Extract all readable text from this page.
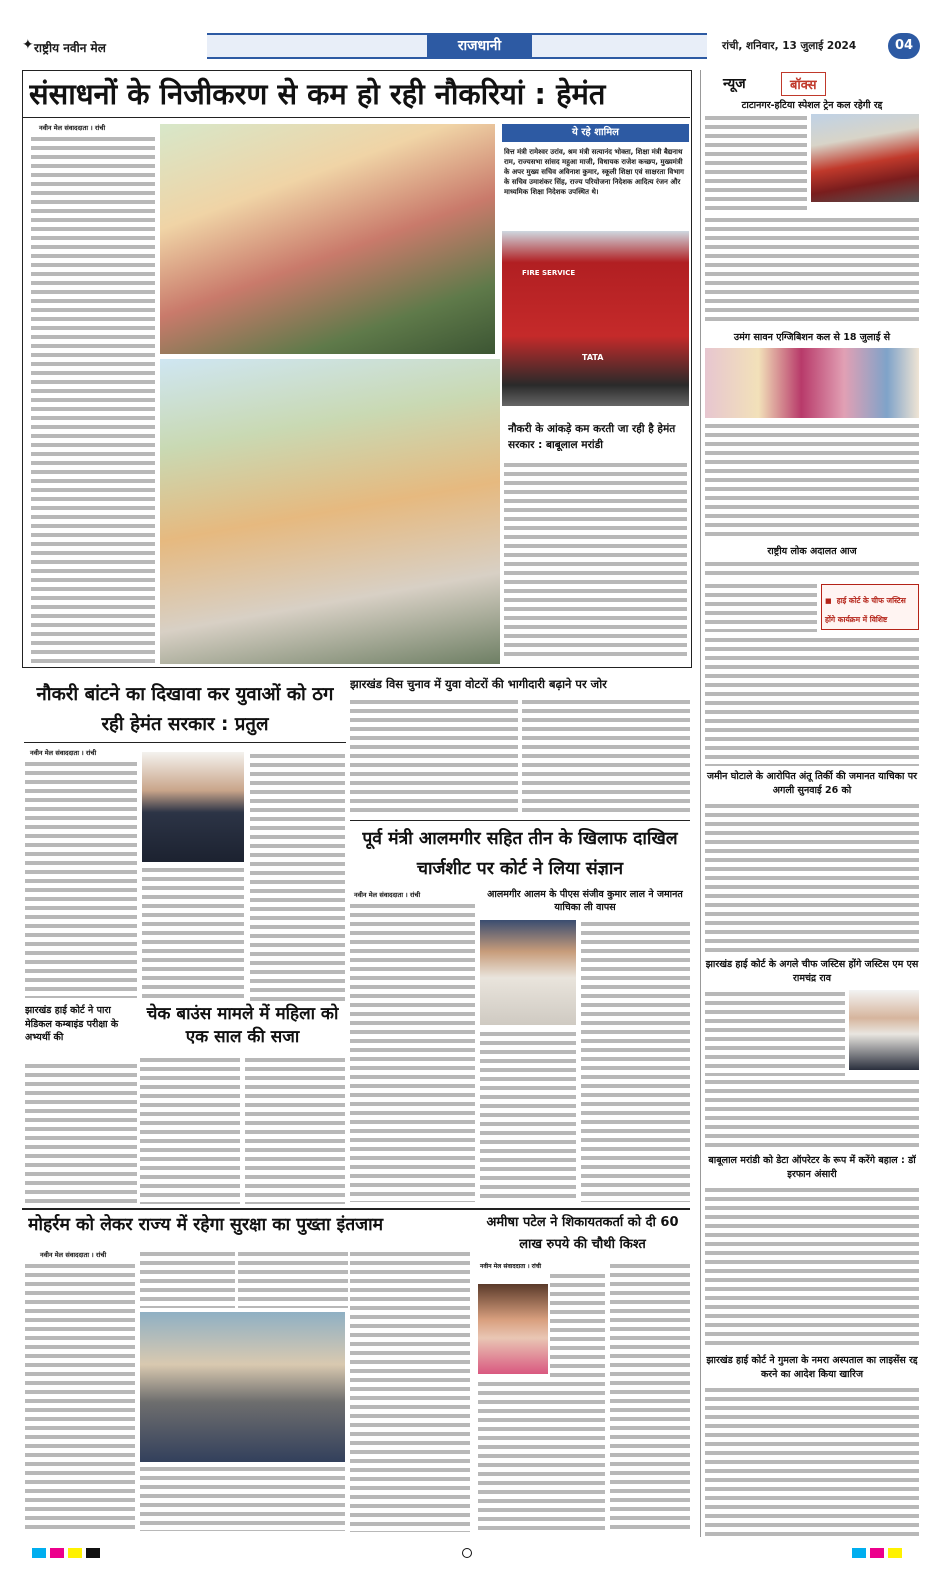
✦ राष्ट्रीय नवीन मेल	राजधानी	रांची, शनिवार, 13 जुलाई 2024	04
संसाधनों के निजीकरण से कम हो रही नौकरियां : हेमंत
नवीन मेल संवाददाता । रांची	ये रहे शामिल
वित्त मंत्री रामेश्वर उरांव, श्रम मंत्री सत्यानंद भोक्ता, शिक्षा मंत्री बैद्यनाथ राम, राज्यसभा सांसद महुआ माजी, विधायक राजेश कच्छप, मुख्यमंत्री के अपर मुख्य सचिव अविनाश कुमार, स्कूली शिक्षा एवं साक्षरता विभाग के सचिव उमाशंकर सिंह, राज्य परियोजना निदेशक आदित्य रंजन और माध्यमिक शिक्षा निदेशक उपस्थित थे।
FIRE SERVICE
TATA
नौकरी के आंकड़े कम करती जा रही है हेमंत सरकार : बाबूलाल मरांडी
नौकरी बांटने का दिखावा कर युवाओं को ठग रही हेमंत सरकार : प्रतुल
नवीन मेल संवाददाता । रांची
झारखंड हाई कोर्ट ने पारा मेडिकल कम्बाइंड परीक्षा के अभ्यर्थी की
झारखंड विस चुनाव में युवा वोटरों की भागीदारी बढ़ाने पर जोर
पूर्व मंत्री आलमगीर सहित तीन के खिलाफ दाखिल चार्जशीट पर कोर्ट ने लिया संज्ञान
नवीन मेल संवाददाता । रांची	आलमगीर आलम के पीएस संजीव कुमार लाल ने जमानत याचिका ली वापस
चेक बाउंस मामले में महिला को एक साल की सजा
मोहर्रम को लेकर राज्य में रहेगा सुरक्षा का पुख्ता इंतजाम
नवीन मेल संवाददाता । रांची
अमीषा पटेल ने शिकायतकर्ता को दी 60 लाख रुपये की चौथी किश्त
नवीन मेल संवाददाता । रांची
न्यूज	बॉक्स
टाटानगर-हटिया स्पेशल ट्रेन कल रहेगी रद्द
उमंग सावन एग्जिबिशन कल से 18 जुलाई से
राष्ट्रीय लोक अदालत आज
■ हाई कोर्ट के चीफ जस्टिस होंगे कार्यक्रम में विशिष्ट
जमीन घोटाले के आरोपित अंतू तिर्की की जमानत याचिका पर अगली सुनवाई 26 को
झारखंड हाई कोर्ट के अगले चीफ जस्टिस होंगे जस्टिस एम एस रामचंद्र राव
बाबूलाल मरांडी को डेटा ऑपरेटर के रूप में करेंगे बहाल : डॉ इरफान अंसारी
झारखंड हाई कोर्ट ने गुमला के नमरा अस्पताल का लाइसेंस रद्द करने का आदेश किया खारिज
